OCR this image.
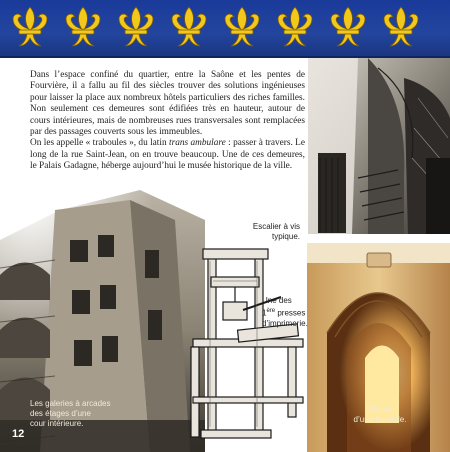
Dans l’espace confiné du quartier, entre la Saône et les pentes de Fourvière, il a fallu au fil des siècles trouver des solutions ingénieuses pour laisser la place aux nombreux hôtels particuliers des riches familles. Non seulement ces demeures sont édifiées très en hauteur, autour de cours intérieures, mais de nombreuses rues transversales sont remplacées par des passages couverts sous les immeubles.

On les appelle « traboules », du latin trans ambulare : passer à travers. Le long de la rue Saint-Jean, on en trouve beaucoup. Une de ces demeures, le Palais Gadagne, héberge aujourd’hui le musée historique de la ville.

Escalier à vis
typique.
Une des
1ère presses
d’imprimerie.
Les galeries à arcades
des étages d’une
cour intérieure.
Entrée
d’une traboule.
12
